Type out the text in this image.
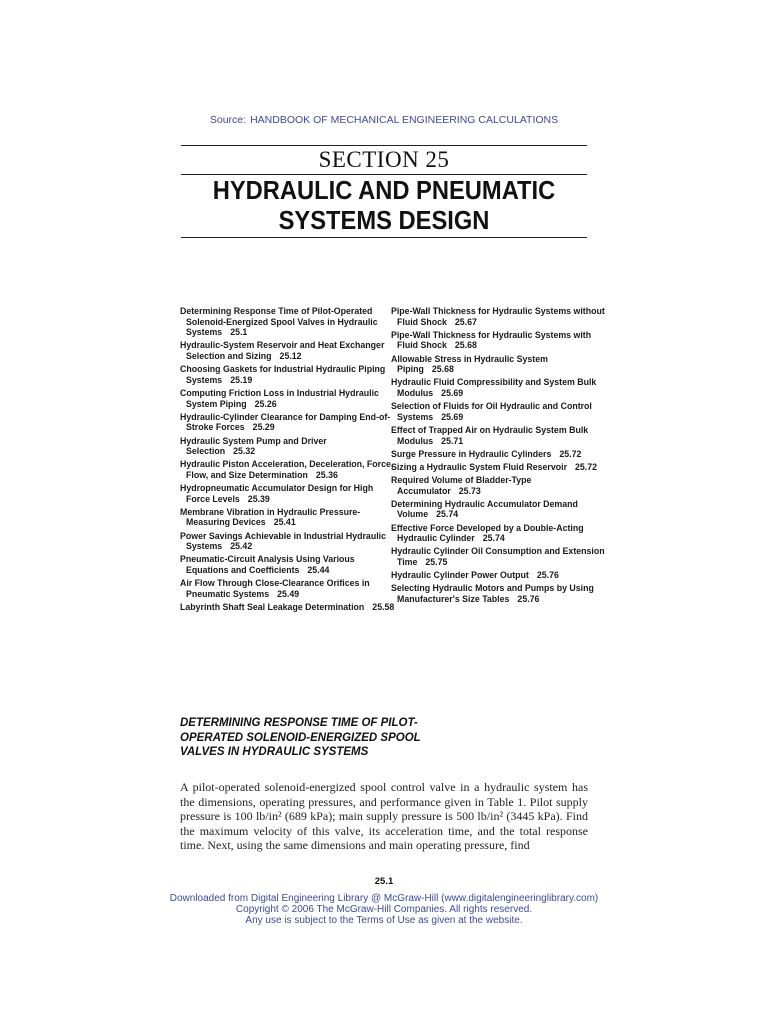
Source: HANDBOOK OF MECHANICAL ENGINEERING CALCULATIONS
SECTION 25
HYDRAULIC AND PNEUMATIC
SYSTEMS DESIGN
Determining Response Time of Pilot-Operated Solenoid-Energized Spool Valves in Hydraulic Systems 25.1
Hydraulic-System Reservoir and Heat Exchanger Selection and Sizing 25.12
Choosing Gaskets for Industrial Hydraulic Piping Systems 25.19
Computing Friction Loss in Industrial Hydraulic System Piping 25.26
Hydraulic-Cylinder Clearance for Damping End-of-Stroke Forces 25.29
Hydraulic System Pump and Driver Selection 25.32
Hydraulic Piston Acceleration, Deceleration, Force, Flow, and Size Determination 25.36
Hydropneumatic Accumulator Design for High Force Levels 25.39
Membrane Vibration in Hydraulic Pressure-Measuring Devices 25.41
Power Savings Achievable in Industrial Hydraulic Systems 25.42
Pneumatic-Circuit Analysis Using Various Equations and Coefficients 25.44
Air Flow Through Close-Clearance Orifices in Pneumatic Systems 25.49
Labyrinth Shaft Seal Leakage Determination 25.58
Pipe-Wall Thickness for Hydraulic Systems without Fluid Shock 25.67
Pipe-Wall Thickness for Hydraulic Systems with Fluid Shock 25.68
Allowable Stress in Hydraulic System Piping 25.68
Hydraulic Fluid Compressibility and System Bulk Modulus 25.69
Selection of Fluids for Oil Hydraulic and Control Systems 25.69
Effect of Trapped Air on Hydraulic System Bulk Modulus 25.71
Surge Pressure in Hydraulic Cylinders 25.72
Sizing a Hydraulic System Fluid Reservoir 25.72
Required Volume of Bladder-Type Accumulator 25.73
Determining Hydraulic Accumulator Demand Volume 25.74
Effective Force Developed by a Double-Acting Hydraulic Cylinder 25.74
Hydraulic Cylinder Oil Consumption and Extension Time 25.75
Hydraulic Cylinder Power Output 25.76
Selecting Hydraulic Motors and Pumps by Using Manufacturer's Size Tables 25.76
DETERMINING RESPONSE TIME OF PILOT-
OPERATED SOLENOID-ENERGIZED SPOOL
VALVES IN HYDRAULIC SYSTEMS
A pilot-operated solenoid-energized spool control valve in a hydraulic system has the dimensions, operating pressures, and performance given in Table 1. Pilot supply pressure is 100 lb/in² (689 kPa); main supply pressure is 500 lb/in² (3445 kPa). Find the maximum velocity of this valve, its acceleration time, and the total response time. Next, using the same dimensions and main operating pressure, find
25.1
Downloaded from Digital Engineering Library @ McGraw-Hill (www.digitalengineeringlibrary.com)
Copyright © 2006 The McGraw-Hill Companies. All rights reserved.
Any use is subject to the Terms of Use as given at the website.
